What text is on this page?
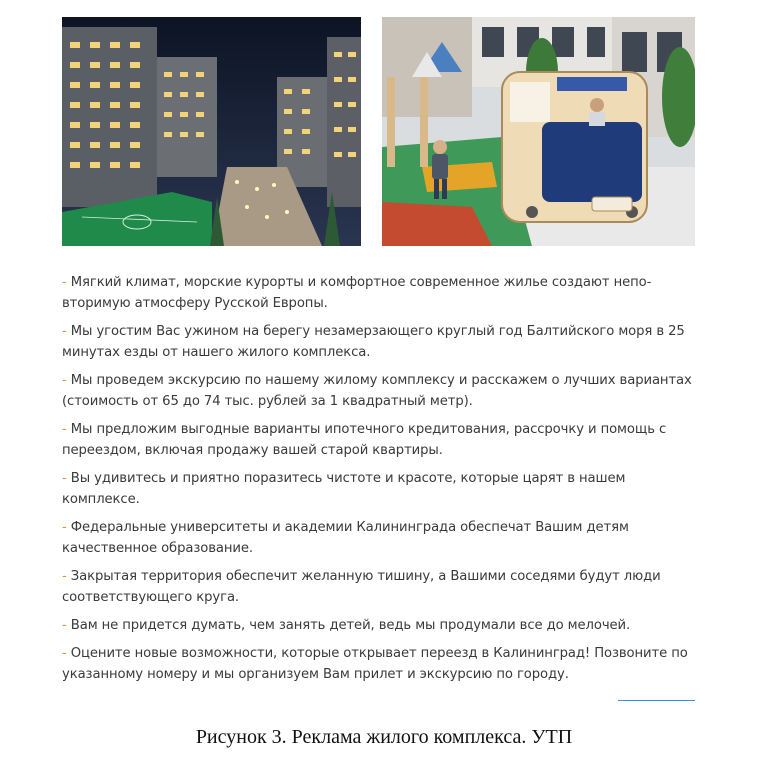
- Мягкий климат, морские курорты и комфортное современное жилье создают неповторимую атмосферу Русской Европы.
- Мы угостим Вас ужином на берегу незамерзающего круглый год Балтийского моря в 25 минутах езды от нашего жилого комплекса.
- Мы проведем экскурсию по нашему жилому комплексу и расскажем о лучших вариантах (стоимость от 65 до 74 тыс. рублей за 1 квадратный метр).
- Мы предложим выгодные варианты ипотечного кредитования, рассрочку и помощь с переездом, включая продажу вашей старой квартиры.
- Вы удивитесь и приятно поразитесь чистоте и красоте, которые царят в нашем комплексе.
- Федеральные университеты и академии Калининграда обеспечат Вашим детям качественное образование.
- Закрытая территория обеспечит желанную тишину, а Вашими соседями будут люди соответствующего круга.
- Вам не придется думать, чем занять детей, ведь мы продумали все до мелочей.
- Оцените новые возможности, которые открывает переезд в Калининград! Позвоните по указанному номеру и мы организуем Вам прилет и экскурсию по городу.
Рисунок 3. Реклама жилого комплекса. УТП
